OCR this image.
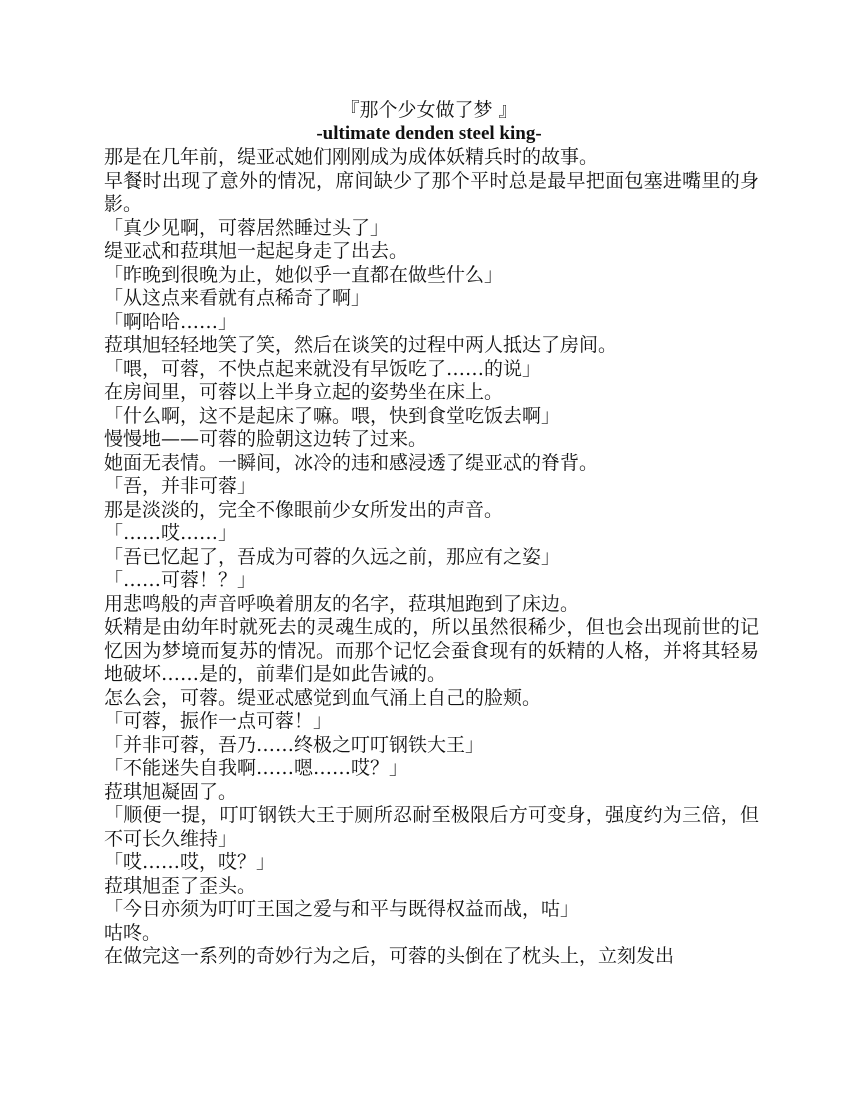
『那个少女做了梦 』
-ultimate denden steel king-

那是在几年前，缇亚忒她们刚刚成为成体妖精兵时的故事。

早餐时出现了意外的情况，席间缺少了那个平时总是最早把面包塞进嘴里的身影。

「真少见啊，可蓉居然睡过头了」

缇亚忒和菈琪旭一起起身走了出去。

「昨晚到很晚为止，她似乎一直都在做些什么」

「从这点来看就有点稀奇了啊」

「啊哈哈……」

菈琪旭轻轻地笑了笑，然后在谈笑的过程中两人抵达了房间。

「喂，可蓉，不快点起来就没有早饭吃了……的说」

在房间里，可蓉以上半身立起的姿势坐在床上。

「什么啊，这不是起床了嘛。喂，快到食堂吃饭去啊」

慢慢地——可蓉的脸朝这边转了过来。

她面无表情。一瞬间，冰冷的违和感浸透了缇亚忒的脊背。

「吾，并非可蓉」

那是淡淡的，完全不像眼前少女所发出的声音。

「……哎……」

「吾已忆起了，吾成为可蓉的久远之前，那应有之姿」

「……可蓉！？」

用悲鸣般的声音呼唤着朋友的名字，菈琪旭跑到了床边。

妖精是由幼年时就死去的灵魂生成的，所以虽然很稀少，但也会出现前世的记忆因为梦境而复苏的情况。而那个记忆会蚕食现有的妖精的人格，并将其轻易地破坏……是的，前辈们是如此告诫的。

怎么会，可蓉。缇亚忒感觉到血气涌上自己的脸颊。

「可蓉，振作一点可蓉！」

「并非可蓉，吾乃……终极之叮叮钢铁大王」

「不能迷失自我啊……嗯……哎？」

菈琪旭凝固了。

「顺便一提，叮叮钢铁大王于厕所忍耐至极限后方可变身，强度约为三倍，但不可长久维持」

「哎……哎，哎？」

菈琪旭歪了歪头。

「今日亦须为叮叮王国之爱与和平与既得权益而战，咕」

咕咚。

在做完这一系列的奇妙行为之后，可蓉的头倒在了枕头上，立刻发出
